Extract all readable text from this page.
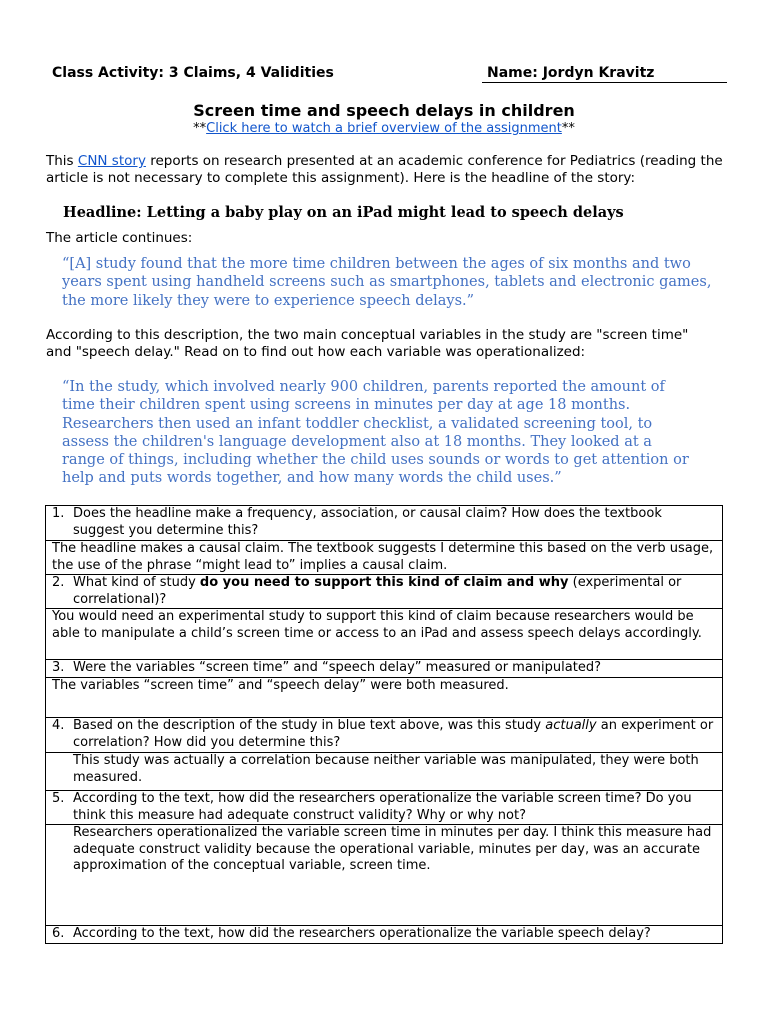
Class Activity: 3 Claims, 4 Validities	Name: Jordyn Kravitz
Screen time and speech delays in children
**Click here to watch a brief overview of the assignment**
This CNN story reports on research presented at an academic conference for Pediatrics (reading the article is not necessary to complete this assignment). Here is the headline of the story:
Headline: Letting a baby play on an iPad might lead to speech delays
The article continues:
“[A] study found that the more time children between the ages of six months and two years spent using handheld screens such as smartphones, tablets and electronic games, the more likely they were to experience speech delays.”
According to this description, the two main conceptual variables in the study are "screen time" and "speech delay." Read on to find out how each variable was operationalized:
“In the study, which involved nearly 900 children, parents reported the amount of time their children spent using screens in minutes per day at age 18 months. Researchers then used an infant toddler checklist, a validated screening tool, to assess the children's language development also at 18 months. They looked at a range of things, including whether the child uses sounds or words to get attention or help and puts words together, and how many words the child uses.”
1. Does the headline make a frequency, association, or causal claim? How does the textbook suggest you determine this?

The headline makes a causal claim. The textbook suggests I determine this based on the verb usage, the use of the phrase “might lead to” implies a causal claim.

2. What kind of study do you need to support this kind of claim and why (experimental or correlational)?

You would need an experimental study to support this kind of claim because researchers would be able to manipulate a child’s screen time or access to an iPad and assess speech delays accordingly.

3. Were the variables “screen time” and “speech delay” measured or manipulated?

The variables “screen time” and “speech delay” were both measured.

4. Based on the description of the study in blue text above, was this study actually an experiment or correlation? How did you determine this?

This study was actually a correlation because neither variable was manipulated, they were both measured.

5. According to the text, how did the researchers operationalize the variable screen time? Do you think this measure had adequate construct validity? Why or why not?

Researchers operationalized the variable screen time in minutes per day. I think this measure had adequate construct validity because the operational variable, minutes per day, was an accurate approximation of the conceptual variable, screen time.

6. According to the text, how did the researchers operationalize the variable speech delay?
